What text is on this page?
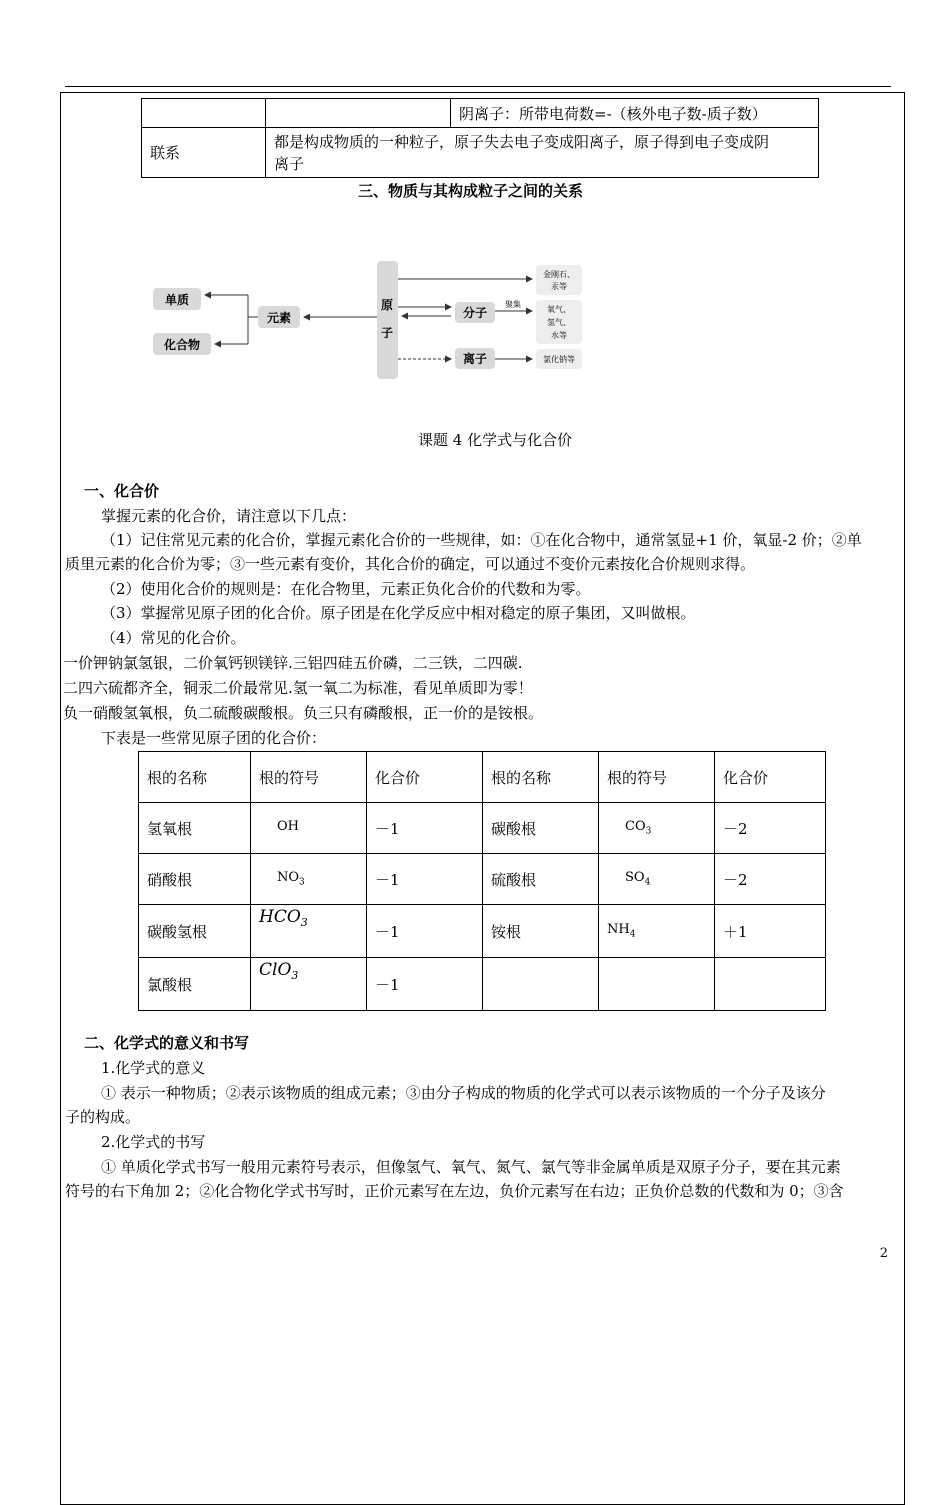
		阴离子：所带电荷数=-（核外电子数-质子数）
联系	都是构成物质的一种粒子，原子失去电子变成阳离子，原子得到电子变成阴
离子	
三、物质与其构成粒子之间的关系
单质
化合物
元素
原
子
分子
离子
聚集
金刚石、
汞等
氧气、
氢气、
水等
氯化钠等
课题 4 化学式与化合价
一、化合价
掌握元素的化合价，请注意以下几点：
（1）记住常见元素的化合价，掌握元素化合价的一些规律，如：①在化合物中，通常氢显+1 价，氧显-2 价；②单
质里元素的化合价为零；③一些元素有变价，其化合价的确定，可以通过不变价元素按化合价规则求得。
（2）使用化合价的规则是：在化合物里，元素正负化合价的代数和为零。
（3）掌握常见原子团的化合价。原子团是在化学反应中相对稳定的原子集团，又叫做根。
（4）常见的化合价。
一价钾钠氯氢银，二价氧钙钡镁锌.三铝四硅五价磷，二三铁，二四碳.
二四六硫都齐全，铜汞二价最常见.氢一氧二为标准，看见单质即为零！
负一硝酸氢氧根，负二硫酸碳酸根。负三只有磷酸根，正一价的是铵根。
下表是一些常见原子团的化合价：
根的名称	根的符号	化合价	根的名称	根的符号	化合价
氢氧根	OH	－1	碳酸根	$CO_3$	－2
硝酸根	$NO_3$	－1	硫酸根	$SO_4$	－2
碳酸氢根	$HCO_3$	－1	铵根	$NH_4$	＋1
氯酸根	ClO$_3$	－1			
二、化学式的意义和书写
1.化学式的意义
① 表示一种物质；②表示该物质的组成元素；③由分子构成的物质的化学式可以表示该物质的一个分子及该分
子的构成。
2.化学式的书写
① 单质化学式书写一般用元素符号表示，但像氢气、氧气、氮气、氯气等非金属单质是双原子分子，要在其元素
符号的右下角加 2；②化合物化学式书写时，正价元素写在左边，负价元素写在右边；正负价总数的代数和为 0；③含
2
